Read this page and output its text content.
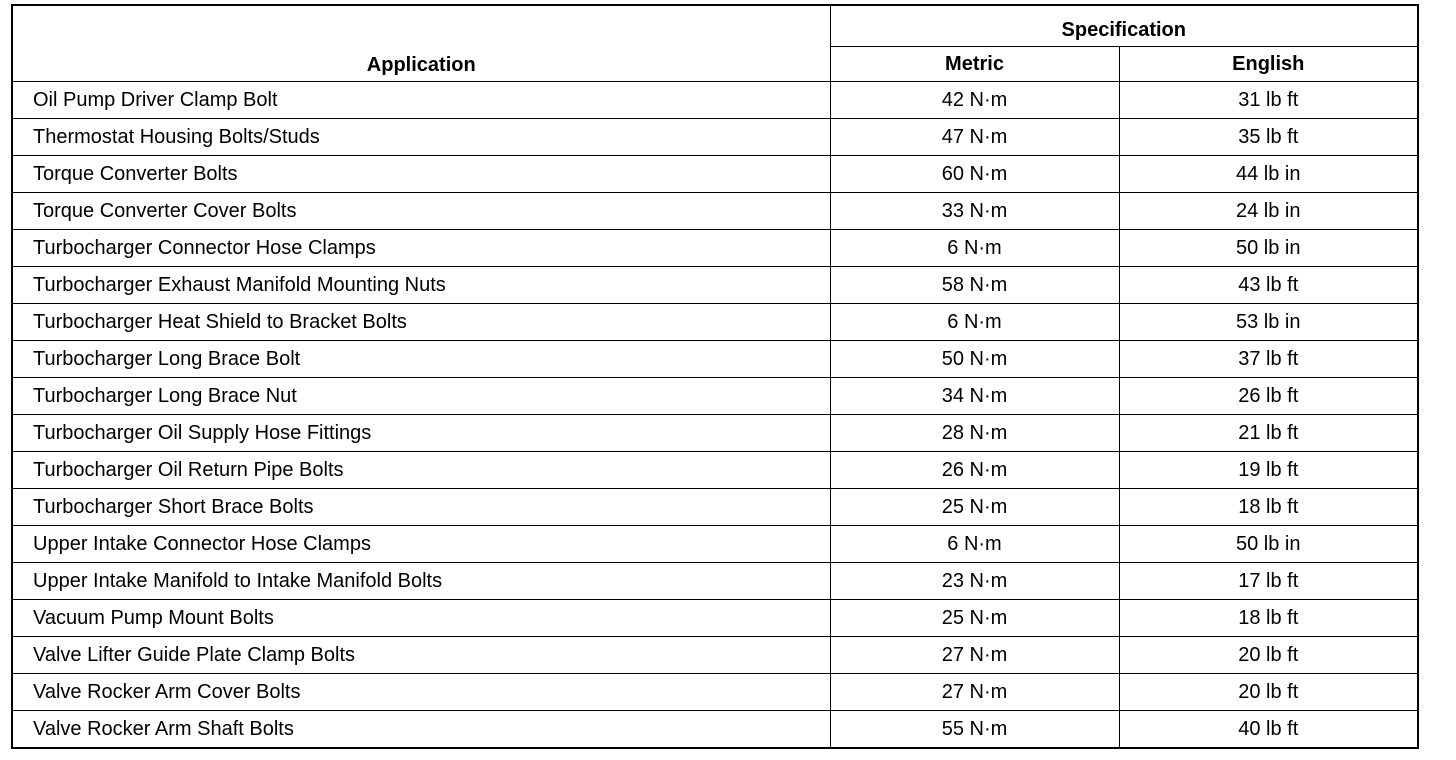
Application	Specification	
	Metric	English
Oil Pump Driver Clamp Bolt	42 N·m	31 lb ft
Thermostat Housing Bolts/Studs	47 N·m	35 lb ft
Torque Converter Bolts	60 N·m	44 lb in
Torque Converter Cover Bolts	33 N·m	24 lb in
Turbocharger Connector Hose Clamps	6 N·m	50 lb in
Turbocharger Exhaust Manifold Mounting Nuts	58 N·m	43 lb ft
Turbocharger Heat Shield to Bracket Bolts	6 N·m	53 lb in
Turbocharger Long Brace Bolt	50 N·m	37 lb ft
Turbocharger Long Brace Nut	34 N·m	26 lb ft
Turbocharger Oil Supply Hose Fittings	28 N·m	21 lb ft
Turbocharger Oil Return Pipe Bolts	26 N·m	19 lb ft
Turbocharger Short Brace Bolts	25 N·m	18 lb ft
Upper Intake Connector Hose Clamps	6 N·m	50 lb in
Upper Intake Manifold to Intake Manifold Bolts	23 N·m	17 lb ft
Vacuum Pump Mount Bolts	25 N·m	18 lb ft
Valve Lifter Guide Plate Clamp Bolts	27 N·m	20 lb ft
Valve Rocker Arm Cover Bolts	27 N·m	20 lb ft
Valve Rocker Arm Shaft Bolts	55 N·m	40 lb ft
